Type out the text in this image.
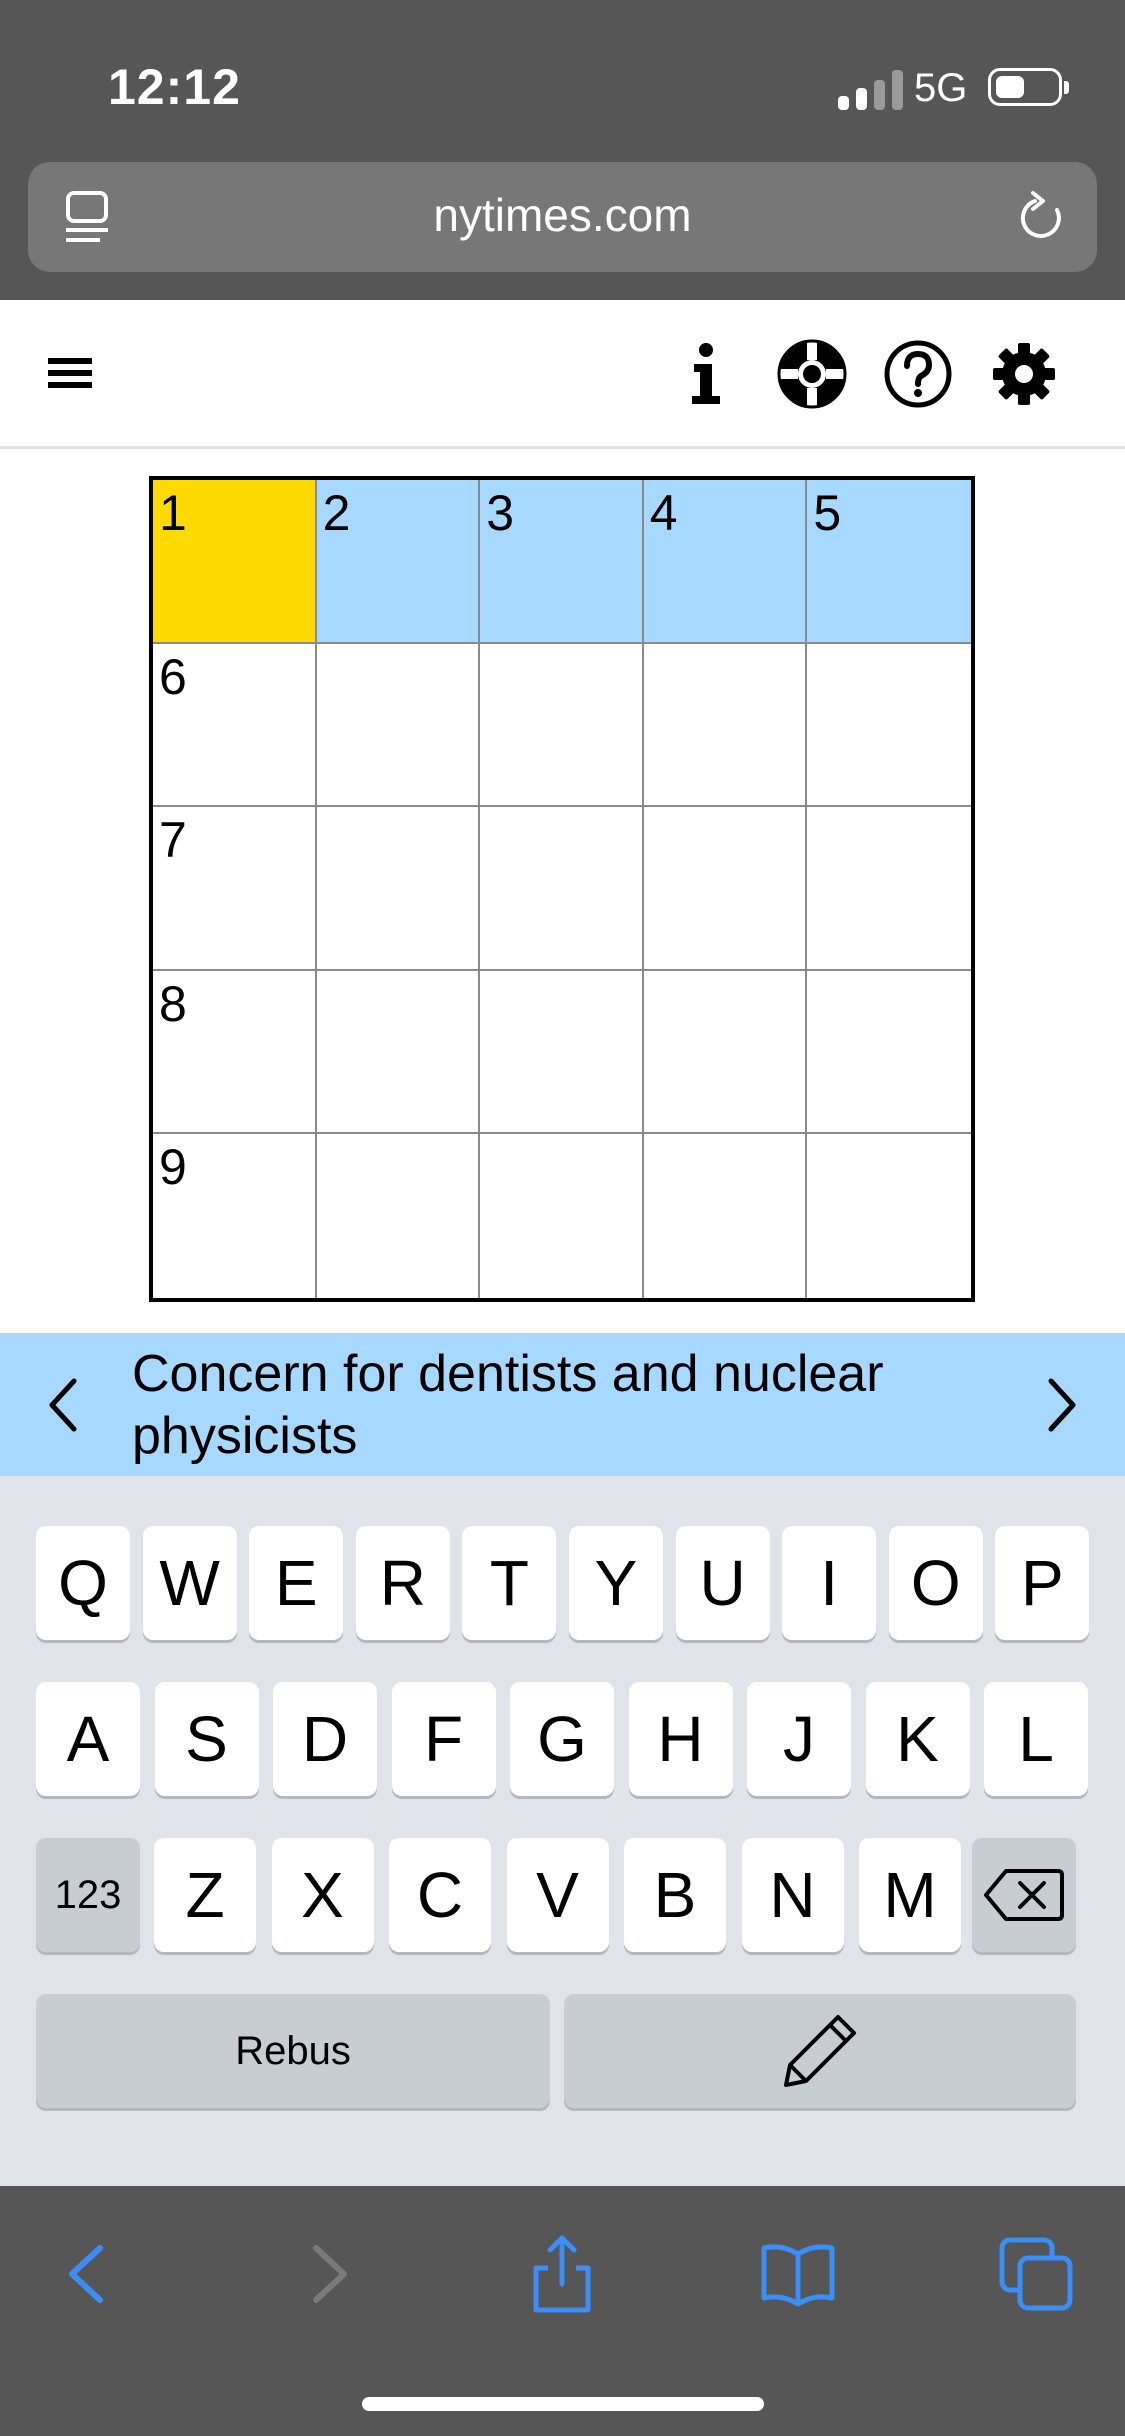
12:12	5G
nytimes.com
1	2	3	4	5
6
7
8
9
Concern for dentists and nuclear physicists
123
Rebus
Q W E R T	Y U	I	O P
A	S	D	F	G	H	J	K	L
Z	X	C	V	B	N	M
